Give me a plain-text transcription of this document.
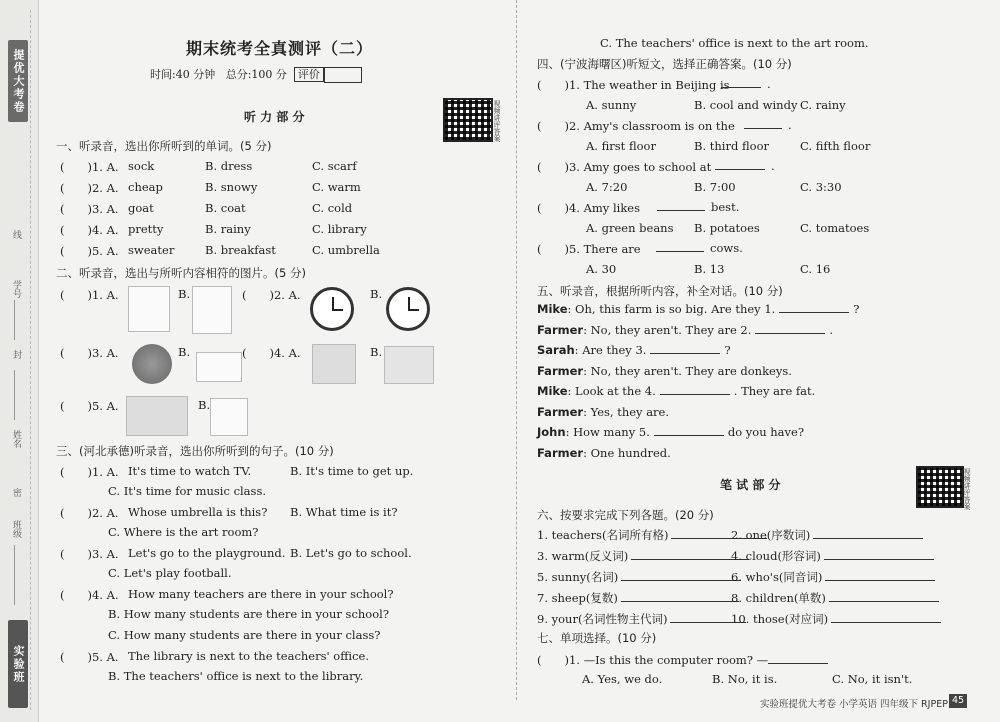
提优大考卷
线
学号
封
姓名
密
班级
实验班
期末统考全真测评（二）
时间:40 分钟 总分:100 分 评价
听 力 部 分	视频讲评答案
一、听录音，选出你所听到的单词。(5 分)
(　　)1. A. sock	B. dress	C. scarf
(　　)2. A. cheap	B. snowy	C. warm
(　　)3. A. goat	B. coat	C. cold
(　　)4. A. pretty	B. rainy	C. library
(　　)5. A. sweater	B. breakfast	C. umbrella
二、听录音，选出与所听内容相符的图片。(5 分)
(　　)1. A.	B.	(　　)2. A.	B.
(　　)3. A.	B.	(　　)4. A.	B.
(　　)5. A.	B.
三、(河北承德)听录音，选出你所听到的句子。(10 分)
(　　)1. A. It's time to watch TV.	B. It's time to get up.
C. It's time for music class.
(　　)2. A. Whose umbrella is this? B. What time is it?
C. Where is the art room?
(　　)3. A. Let's go to the playground. B. Let's go to school.
C. Let's play football.
(　　)4. A. How many teachers are there in your school?
B. How many students are there in your school?
C. How many students are there in your class?
(　　)5. A. The library is next to the teachers' office.
B. The teachers' office is next to the library.
C. The teachers' office is next to the art room.
四、(宁波海曙区)听短文，选择正确答案。(10 分)
(　　)1. The weather in Beijing is	.
A. sunny	B. cool and windy C. rainy
(　　)2. Amy's classroom is on the	.
A. first floor	B. third floor	C. fifth floor
(　　)3. Amy goes to school at	.
A. 7:20	B. 7:00	C. 3:30
(　　)4. Amy likes	best.
A. green beans B. potatoes	C. tomatoes
(　　)5. There are	cows.
A. 30	B. 13	C. 16
五、听录音，根据所听内容，补全对话。(10 分)
Mike: Oh, this farm is so big. Are they 1.	?
Farmer: No, they aren't. They are 2.	.
Sarah: Are they 3.	?
Farmer: No, they aren't. They are donkeys.
Mike: Look at the 4.	. They are fat.
Farmer: Yes, they are.
John: How many 5.	do you have?
Farmer: One hundred.
笔 试 部 分	视频讲评答案
六、按要求完成下列各题。(20 分)
1. teachers(名词所有格)	2. one(序数词)
3. warm(反义词)	4. cloud(形容词)
5. sunny(名词)	6. who's(同音词)
7. sheep(复数)	8. children(单数)
9. your(名词性物主代词)	10. those(对应词)
七、单项选择。(10 分)
(　　)1. —Is this the computer room? —
A. Yes, we do.	B. No, it is.	C. No, it isn't.
实验班提优大考卷 小学英语 四年级下 RJPEP 45
